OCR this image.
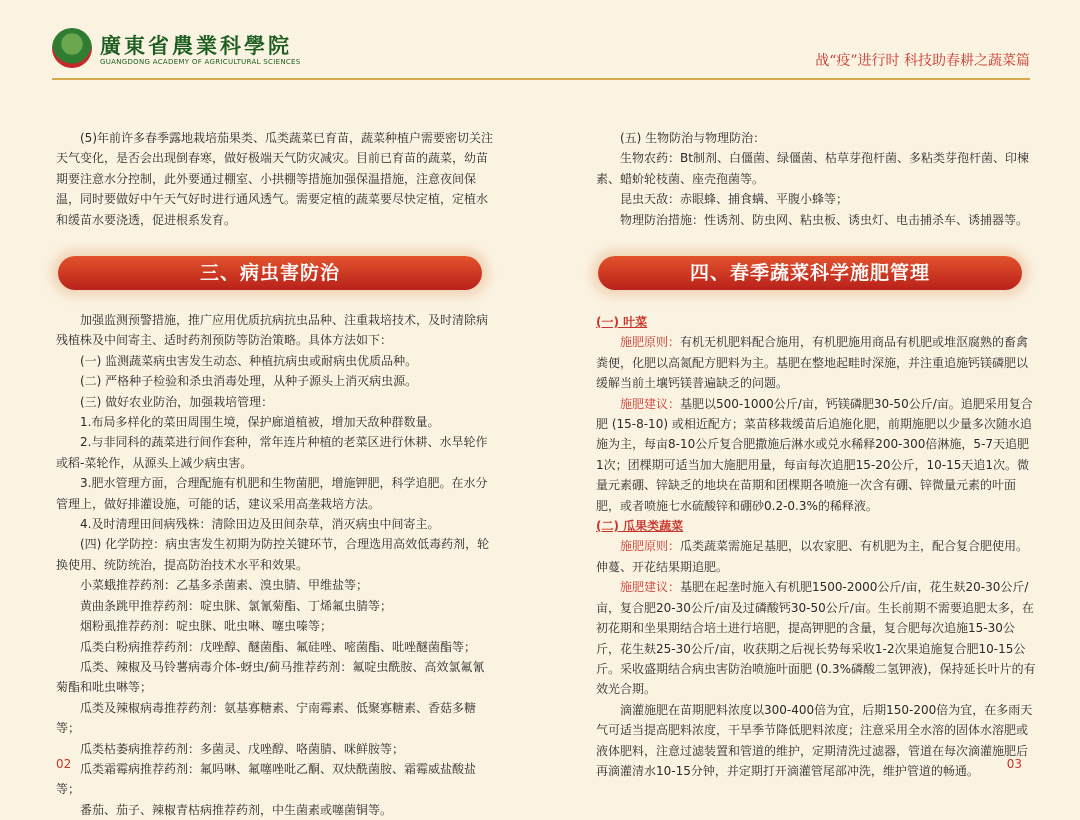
廣東省農業科學院
GUANGDONG ACADEMY OF AGRICULTURAL SCIENCES	战“疫”进行时 科技助春耕之蔬菜篇

(5)年前许多春季露地栽培茄果类、瓜类蔬菜已育苗，蔬菜种植户需要密切关注天气变化，是否会出现倒春寒，做好极端天气防灾减灾。目前已育苗的蔬菜，幼苗期要注意水分控制，此外要通过棚室、小拱棚等措施加强保温措施，注意夜间保温，同时要做好中午天气好时进行通风透气。需要定植的蔬菜要尽快定植，定植水和缓苗水要浇透，促进根系发育。

三、病虫害防治

加强监测预警措施，推广应用优质抗病抗虫品种、注重栽培技术，及时清除病残植株及中间寄主、适时药剂预防等防治策略。具体方法如下：

(一) 监测蔬菜病虫害发生动态、种植抗病虫或耐病虫优质品种。

(二) 严格种子检验和杀虫消毒处理，从种子源头上消灭病虫源。

(三) 做好农业防治，加强栽培管理：

1.布局多样化的菜田周围生境，保护廊道植被，增加天敌种群数量。

2.与非同科的蔬菜进行间作套种，常年连片种植的老菜区进行休耕、水旱轮作或稻-菜轮作，从源头上减少病虫害。

3.肥水管理方面，合理配施有机肥和生物菌肥，增施钾肥，科学追肥。在水分管理上，做好排灌设施，可能的话，建议采用高垄栽培方法。

4.及时清理田间病残株：清除田边及田间杂草，消灭病虫中间寄主。

(四) 化学防控：病虫害发生初期为防控关键环节，合理选用高效低毒药剂，轮换使用、统防统治，提高防治技术水平和效果。

小菜蛾推荐药剂：乙基多杀菌素、溴虫腈、甲维盐等；

黄曲条跳甲推荐药剂：啶虫脒、氯氰菊酯、丁烯氟虫腈等；

烟粉虱推荐药剂：啶虫脒、吡虫啉、噻虫嗪等；

瓜类白粉病推荐药剂：戊唑醇、醚菌酯、氟硅唑、嘧菌酯、吡唑醚菌酯等；

瓜类、辣椒及马铃薯病毒介体-蚜虫/蓟马推荐药剂：氟啶虫酰胺、高效氯氟氰菊酯和吡虫啉等；

瓜类及辣椒病毒推荐药剂：氨基寡糖素、宁南霉素、低聚寡糖素、香菇多糖等；

瓜类枯萎病推荐药剂：多菌灵、戊唑醇、咯菌腈、咪鲜胺等；

瓜类霜霉病推荐药剂：氟吗啉、氟噻唑吡乙酮、双炔酰菌胺、霜霉威盐酸盐等；

番茄、茄子、辣椒青枯病推荐药剂，中生菌素或噻菌铜等。

02

(五) 生物防治与物理防治：

生物农药：Bt制剂、白僵菌、绿僵菌、枯草芽孢杆菌、多粘类芽孢杆菌、印楝素、蜡蚧轮枝菌、座壳孢菌等。

昆虫天敌：赤眼蜂、捕食螨、平腹小蜂等；

物理防治措施：性诱剂、防虫网、粘虫板、诱虫灯、电击捕杀车、诱捕器等。

四、春季蔬菜科学施肥管理

(一) 叶菜

施肥原则：有机无机肥料配合施用，有机肥施用商品有机肥或堆沤腐熟的畜禽粪便，化肥以高氮配方肥料为主。基肥在整地起畦时深施，并注重追施钙镁磷肥以缓解当前土壤钙镁普遍缺乏的问题。

施肥建议：基肥以500-1000公斤/亩，钙镁磷肥30-50公斤/亩。追肥采用复合肥 (15-8-10) 或相近配方；菜苗移栽缓苗后追施化肥，前期施肥以少量多次随水追施为主，每亩8-10公斤复合肥撒施后淋水或兑水稀释200-300倍淋施，5-7天追肥1次；团棵期可适当加大施肥用量，每亩每次追肥15-20公斤，10-15天追1次。微量元素硼、锌缺乏的地块在苗期和团棵期各喷施一次含有硼、锌微量元素的叶面肥，或者喷施七水硫酸锌和硼砂0.2-0.3%的稀释液。

(二) 瓜果类蔬菜

施肥原则：瓜类蔬菜需施足基肥，以农家肥、有机肥为主，配合复合肥使用。伸蔓、开花结果期追肥。

施肥建议：基肥在起垄时施入有机肥1500-2000公斤/亩，花生麸20-30公斤/亩，复合肥20-30公斤/亩及过磷酸钙30-50公斤/亩。生长前期不需要追肥太多，在初花期和坐果期结合培土进行培肥，提高钾肥的含量，复合肥每次追施15-30公斤，花生麸25-30公斤/亩，收获期之后视长势每采收1-2次果追施复合肥10-15公斤。采收盛期结合病虫害防治喷施叶面肥 (0.3%磷酸二氢钾液)，保持延长叶片的有效光合期。

滴灌施肥在苗期肥料浓度以300-400倍为宜，后期150-200倍为宜，在多雨天气可适当提高肥料浓度，干旱季节降低肥料浓度；注意采用全水溶的固体水溶肥或液体肥料，注意过滤装置和管道的维护，定期清洗过滤器，管道在每次滴灌施肥后再滴灌清水10-15分钟，并定期打开滴灌管尾部冲洗，维护管道的畅通。	03
